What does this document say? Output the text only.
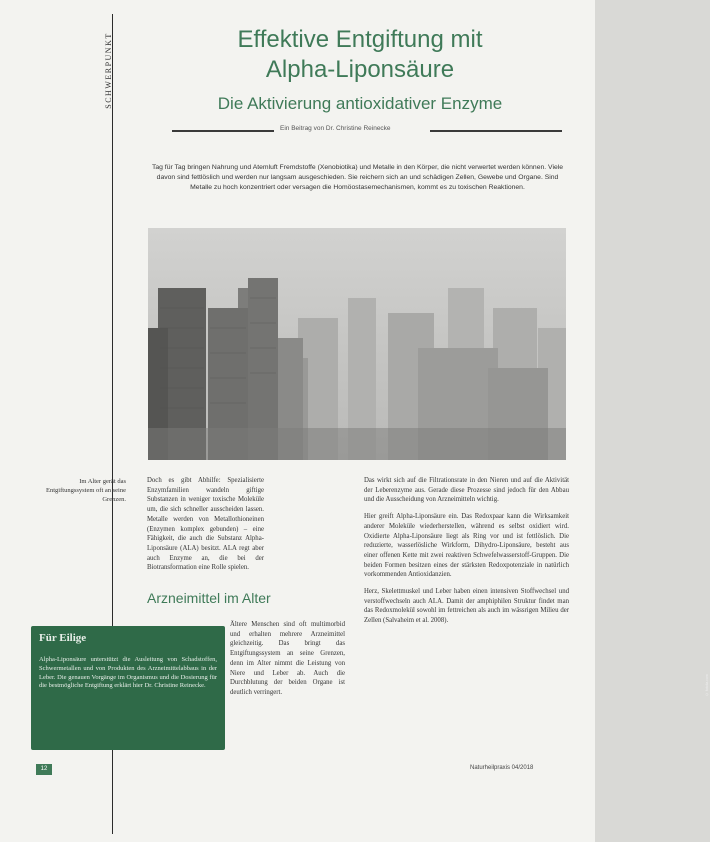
SCHWERPUNKT	Effektive Entgiftung mit
Alpha-Liponsäure
Die Aktivierung antioxidativer Enzyme
Ein Beitrag von Dr. Christine Reinecke
Tag für Tag bringen Nahrung und Atemluft Fremdstoffe (Xenobiotika) und Metalle in den Körper, die nicht verwertet werden können. Viele davon sind fettlöslich und werden nur langsam ausgeschieden. Sie reichern sich an und schädigen Zellen, Gewebe und Organe. Sind Metalle zu hoch konzentriert oder versagen die Homöostasemechanismen, kommt es zu toxischen Reaktionen.
© fotolia.com
Im Alter gerät das Entgiftungssystem oft an seine Grenzen.

Doch es gibt Abhilfe: Spezialisierte Enzymfamilien wandeln giftige Substanzen in weniger toxische Moleküle um, die sich schneller ausscheiden lassen. Metalle werden von Metallothioneinen (Enzymen komplex gebunden) – eine Fähigkeit, die auch die Substanz Alpha-Liponsäure (ALA) besitzt. ALA regt aber auch Enzyme an, die bei der Biotransformation eine Rolle spielen.

Arzneimittel im Alter

Ältere Menschen sind oft multimorbid und erhalten mehrere Arzneimittel gleichzeitig. Das bringt das Entgiftungssystem an seine Grenzen, denn im Alter nimmt die Leistung von Niere und Leber ab. Auch die Durchblutung der beiden Organe ist deutlich verringert.

Das wirkt sich auf die Filtrationsrate in den Nieren und auf die Aktivität der Leberenzyme aus. Gerade diese Prozesse sind jedoch für den Abbau und die Ausscheidung von Arzneimitteln wichtig.

Hier greift Alpha-Liponsäure ein. Das Redoxpaar kann die Wirksamkeit anderer Moleküle wiederherstellen, während es selbst oxidiert wird. Oxidierte Alpha-Liponsäure liegt als Ring vor und ist fettlöslich. Die reduzierte, wasserlösliche Wirkform, Dihydro-Liponsäure, besteht aus einer offenen Kette mit zwei reaktiven Schwefelwasserstoff-Gruppen. Die beiden Formen besitzen eines der stärksten Redoxpotenziale in natürlich vorkommenden Antioxidanzien.

Herz, Skelettmuskel und Leber haben einen intensiven Stoffwechsel und verstoffwechseln auch ALA. Damit der amphiphilen Struktur findet man das Redoxmolekül sowohl im fettreichen als auch im wässrigen Milieu der Zellen (Salvaheim et al. 2008).

Für Eilige
Alpha-Liponsäure unterstützt die Ausleitung von Schadstoffen, Schwermetallen und von Produkten des Arzneimittelabbaus in der Leber. Die genauen Vorgänge im Organismus und die Dosierung für die bestmögliche Entgiftung erklärt hier Dr. Christine Reinecke.
12	Naturheilpraxis 04/2018
